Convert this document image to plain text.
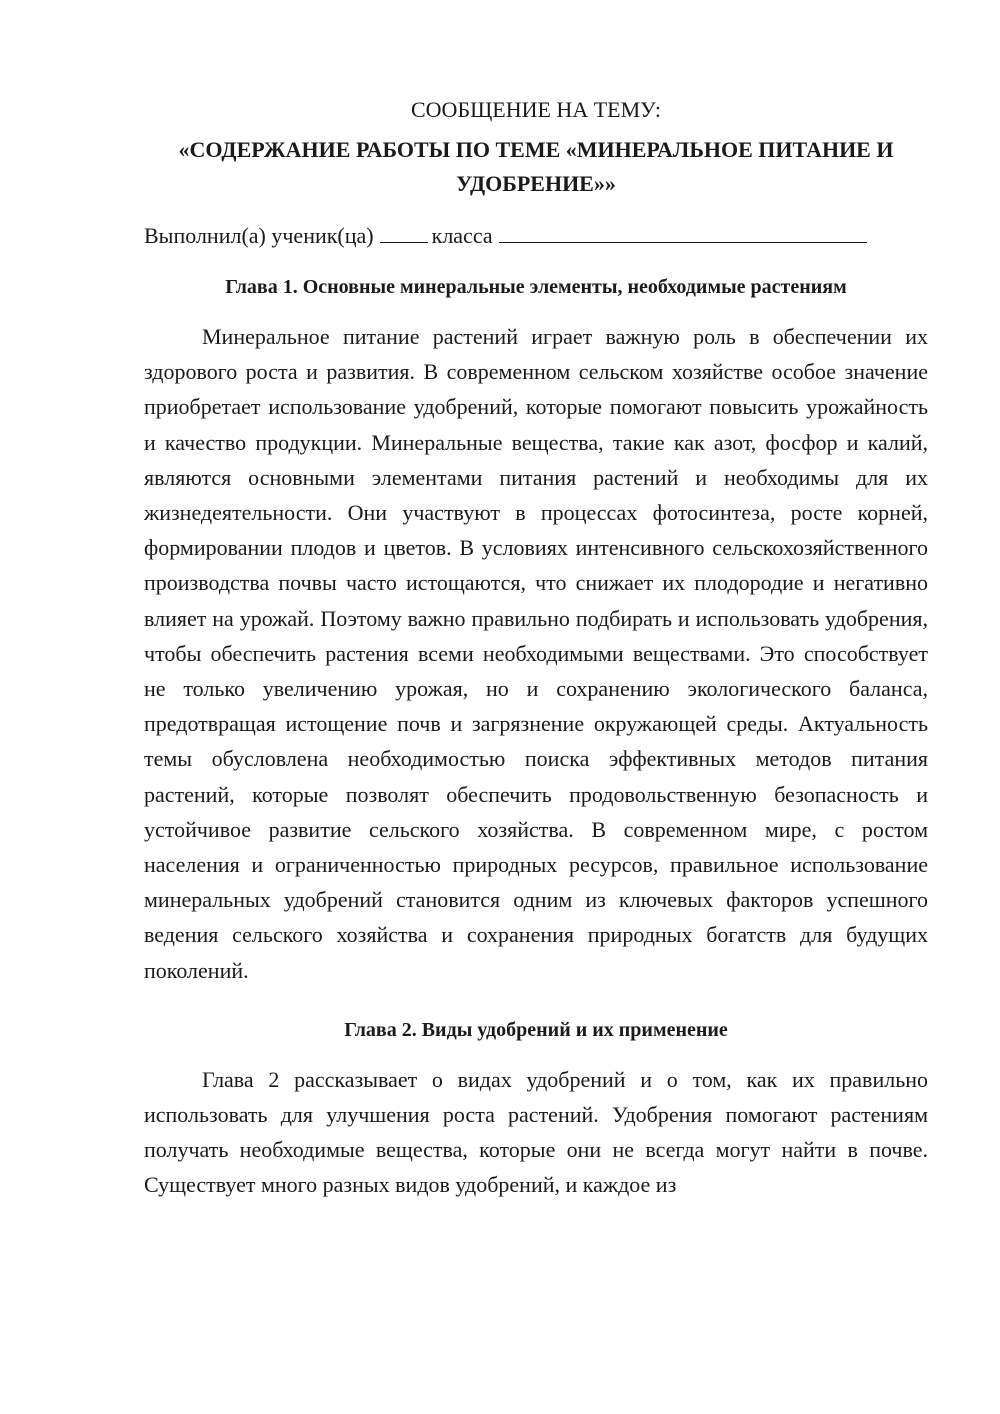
СООБЩЕНИЕ НА ТЕМУ:

«СОДЕРЖАНИЕ РАБОТЫ ПО ТЕМЕ «МИНЕРАЛЬНОЕ ПИТАНИЕ И УДОБРЕНИЕ»»

Выполнил(а) ученик(ца)	класса

Глава 1. Основные минеральные элементы, необходимые растениям

Минеральное питание растений играет важную роль в обеспечении их здорового роста и развития. В современном сельском хозяйстве особое значение приобретает использование удобрений, которые помогают повысить урожайность и качество продукции. Минеральные вещества, такие как азот, фосфор и калий, являются основными элементами питания растений и необходимы для их жизнедеятельности. Они участвуют в процессах фотосинтеза, росте корней, формировании плодов и цветов. В условиях интенсивного сельскохозяйственного производства почвы часто истощаются, что снижает их плодородие и негативно влияет на урожай. Поэтому важно правильно подбирать и использовать удобрения, чтобы обеспечить растения всеми необходимыми веществами. Это способствует не только увеличению урожая, но и сохранению экологического баланса, предотвращая истощение почв и загрязнение окружающей среды. Актуальность темы обусловлена необходимостью поиска эффективных методов питания растений, которые позволят обеспечить продовольственную безопасность и устойчивое развитие сельского хозяйства. В современном мире, с ростом населения и ограниченностью природных ресурсов, правильное использование минеральных удобрений становится одним из ключевых факторов успешного ведения сельского хозяйства и сохранения природных богатств для будущих поколений.

Глава 2. Виды удобрений и их применение

Глава 2 рассказывает о видах удобрений и о том, как их правильно использовать для улучшения роста растений. Удобрения помогают растениям получать необходимые вещества, которые они не всегда могут найти в почве. Существует много разных видов удобрений, и каждое из
